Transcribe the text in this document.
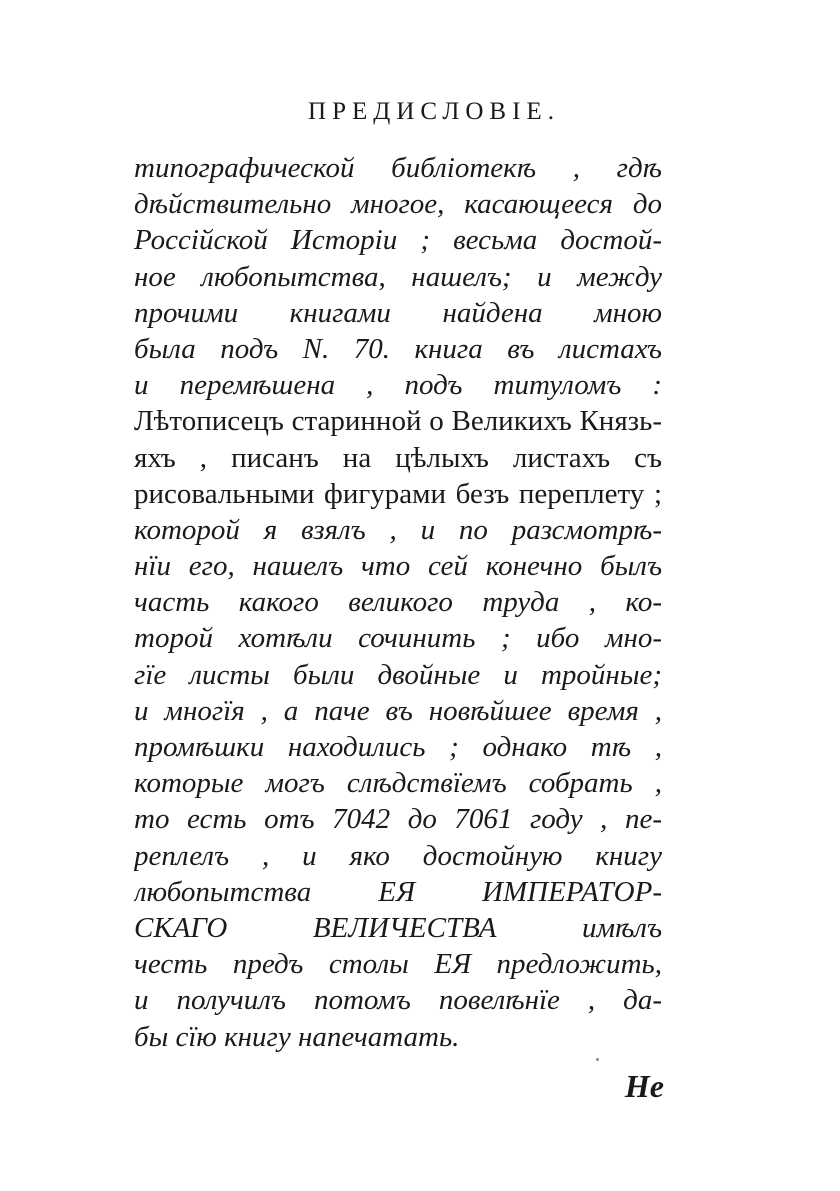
ПРЕДИСЛОВІЕ.
типографической библіотекѣ , гдѣ
дѣйствительно многое, касающееся до
Россійской Исторіи ; весьма достой-
ное любопытства, нашелъ; и между
прочими книгами найдена мною
была подъ N. 70. книга въ листахъ
и перемѣшена , подъ титуломъ :
Лѣтописецъ старинной о Великихъ Князь-
яхъ , писанъ на цѣлыхъ листахъ съ
рисовальными фигурами безъ переплету ;
которой я взялъ , и по разсмотрѣ-
нїи его, нашелъ что сей конечно былъ
часть какого великого труда , ко-
торой хотѣли сочинить ; ибо мно-
гїе листы были двойные и тройные;
и многїя , а паче въ новѣйшее время ,
промѣшки находились ; однако тѣ ,
которые могъ слѣдствїемъ собрать ,
то есть отъ 7042 до 7061 году , пе-
реплелъ , и яко достойную книгу
любопытства ЕЯ ИМПЕРАТОР-
СКАГО ВЕЛИЧЕСТВА имѣлъ
честь предъ столы ЕЯ предложить,
и получилъ потомъ повелѣнїе , да-
бы сїю книгу напечатать.
Не
